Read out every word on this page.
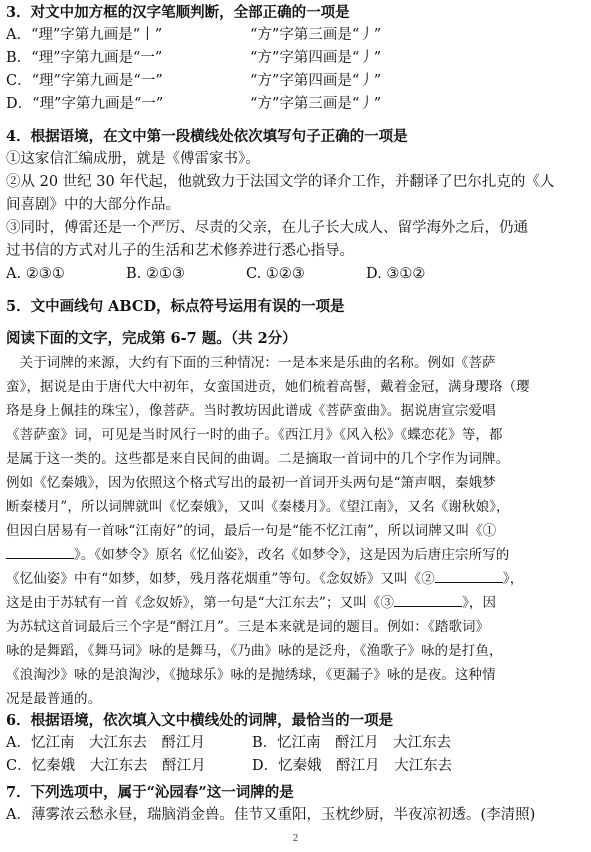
3．对文中加方框的汉字笔顺判断，全部正确的一项是
A．“理”字第九画是“丨”	“方”字第三画是“丿”
B．“理”字第九画是“一”	“方”字第四画是“丿”
C．“理”字第九画是“一”	“方”字第四画是“丿”
D．“理”字第九画是“一”	“方”字第三画是“丿”
4．根据语境，在文中第一段横线处依次填写句子正确的一项是
①这家信汇编成册，就是《傅雷家书》。
②从 20 世纪 30 年代起，他就致力于法国文学的译介工作，并翻译了巴尔扎克的《人
间喜剧》中的大部分作品。
③同时，傅雷还是一个严厉、尽责的父亲，在儿子长大成人、留学海外之后，仍通
过书信的方式对儿子的生活和艺术修养进行悉心指导。
A. ②③①	B. ②①③	C. ①②③	D. ③①②
5．文中画线句 ABCD，标点符号运用有误的一项是
阅读下面的文字，完成第 6-7 题。（共 2分）
　关于词牌的来源，大约有下面的三种情况：一是本来是乐曲的名称。例如《菩萨
蛮》，据说是由于唐代大中初年，女蛮国进贡，她们梳着高髻，戴着金冠，满身璎珞（璎
珞是身上佩挂的珠宝），像菩萨。当时教坊因此谱成《菩萨蛮曲》。据说唐宣宗爱唱
《菩萨蛮》词，可见是当时风行一时的曲子。《西江月》《风入松》《蝶恋花》等，都
是属于这一类的。这些都是来自民间的曲调。二是摘取一首词中的几个字作为词牌。
例如《忆秦娥》，因为依照这个格式写出的最初一首词开头两句是“箫声咽，秦娥梦
断秦楼月”，所以词牌就叫《忆秦娥》，又叫《秦楼月》。《望江南》，又名《谢秋娘》，
但因白居易有一首咏“江南好”的词，最后一句是“能不忆江南”，所以词牌又叫《①
》。《如梦令》原名《忆仙姿》，改名《如梦令》，这是因为后唐庄宗所写的
《忆仙姿》中有“如梦，如梦，残月落花烟重”等句。《念奴娇》又叫《②	》，
这是由于苏轼有一首《念奴娇》，第一句是“大江东去”；又叫《③	》，因
为苏轼这首词最后三个字是“酹江月”。三是本来就是词的题目。例如：《踏歌词》
咏的是舞蹈，《舞马词》咏的是舞马，《乃曲》咏的是泛舟，《渔歌子》咏的是打鱼，
《浪淘沙》咏的是浪淘沙，《抛球乐》咏的是抛绣球，《更漏子》咏的是夜。这种情
况是最普通的。
6．根据语境，依次填入文中横线处的词牌，最恰当的一项是
A．忆江南　大江东去　酹江月	B．忆江南　酹江月　大江东去
C．忆秦娥　大江东去　酹江月	D．忆秦娥　酹江月　大江东去
7．下列选项中，属于“沁园春”这一词牌的是
A．薄雾浓云愁永昼，瑞脑消金兽。佳节又重阳，玉枕纱厨，半夜凉初透。(李清照)
2
